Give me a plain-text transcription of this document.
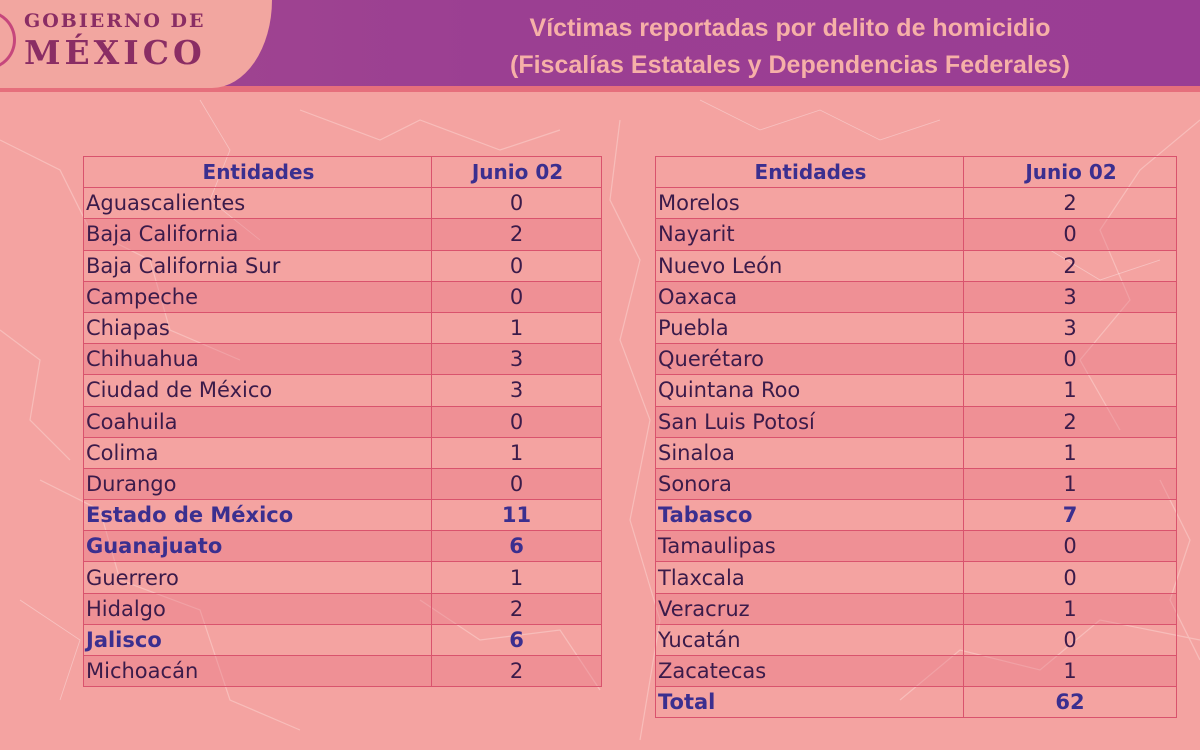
GOBIERNO DE
MÉXICO
Víctimas reportadas por delito de homicidio
(Fiscalías Estatales y Dependencias Federales)
Entidades	Junio 02
Aguascalientes	0
Baja California	2
Baja California Sur	0
Campeche	0
Chiapas	1
Chihuahua	3
Ciudad de México	3
Coahuila	0
Colima	1
Durango	0
Estado de México	11
Guanajuato	6
Guerrero	1
Hidalgo	2
Jalisco	6
Michoacán	2
Entidades	Junio 02
Morelos	2
Nayarit	0
Nuevo León	2
Oaxaca	3
Puebla	3
Querétaro	0
Quintana Roo	1
San Luis Potosí	2
Sinaloa	1
Sonora	1
Tabasco	7
Tamaulipas	0
Tlaxcala	0
Veracruz	1
Yucatán	0
Zacatecas	1
Total	62
